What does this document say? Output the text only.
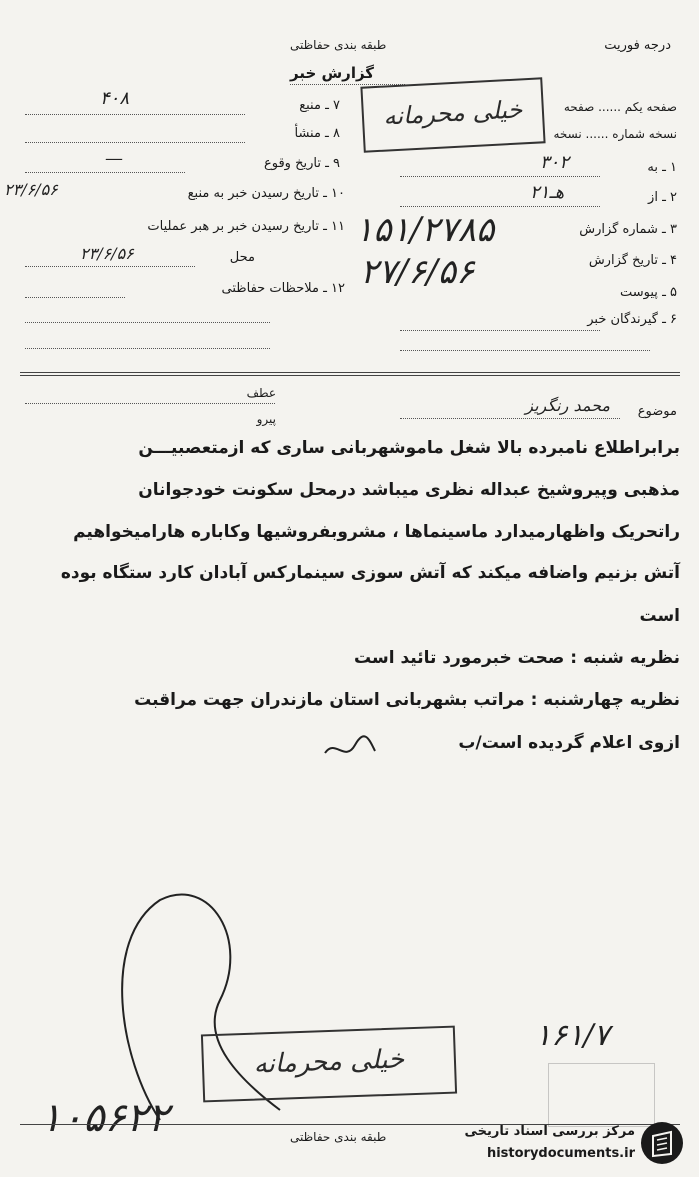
درجه فوریت
طبقه بندی حفاظتی
گزارش خبر
خیلی محرمانه	صفحه یکم ...... صفحه
نسخه شماره ...... نسخه
۱ ـ به
۳۰۲
۲ ـ از
۲هـ۱
۳ ـ شماره گزارش
۱۵۱/۲۷۸۵
۴ ـ تاریخ گزارش
۲۷/۶/۵۶
۵ ـ پیوست
۶ ـ گیرندگان خبر
۷ ـ منبع
۴۰۸
۸ ـ منشأ
۹ ـ تاریخ وقوع
—
۱۰ ـ تاریخ رسیدن خبر به منبع
۲۳/۶/۵۶
۱۱ ـ تاریخ رسیدن خبر بر هبر عملیات
محل
۲۳/۶/۵۶
۱۲ ـ ملاحظات حفاظتی
عطف
پیرو	موضوع
محمد رنگریز
برابراطلاع نامبرده بالا شغل ماموشهربانی ساری که ازمتعصبیـــن
مذهبی وپیروشیخ عبداله نظری میباشد درمحل سکونت خودجوانان
راتحریک واظهارمیدارد ماسینماها ، مشروبفروشیها وکاباره هارامیخواهیم
آتش بزنیم واضافه میکند که آتش سوزی سینمارکس آبادان کارد ستگاه بوده
است
نظریه شنبه : صحت خبرمورد تائید است
نظریه چهارشنبه : مراتب بشهربانی استان مازندران جهت مراقبت
ازوی اعلام گردیده است/ب
خیلی محرمانه
۱۰۵۶۲۲
۱۶۱/۷
طبقه بندی حفاظتی	مرکز بررسی اسناد تاریخی
historydocuments.ir
